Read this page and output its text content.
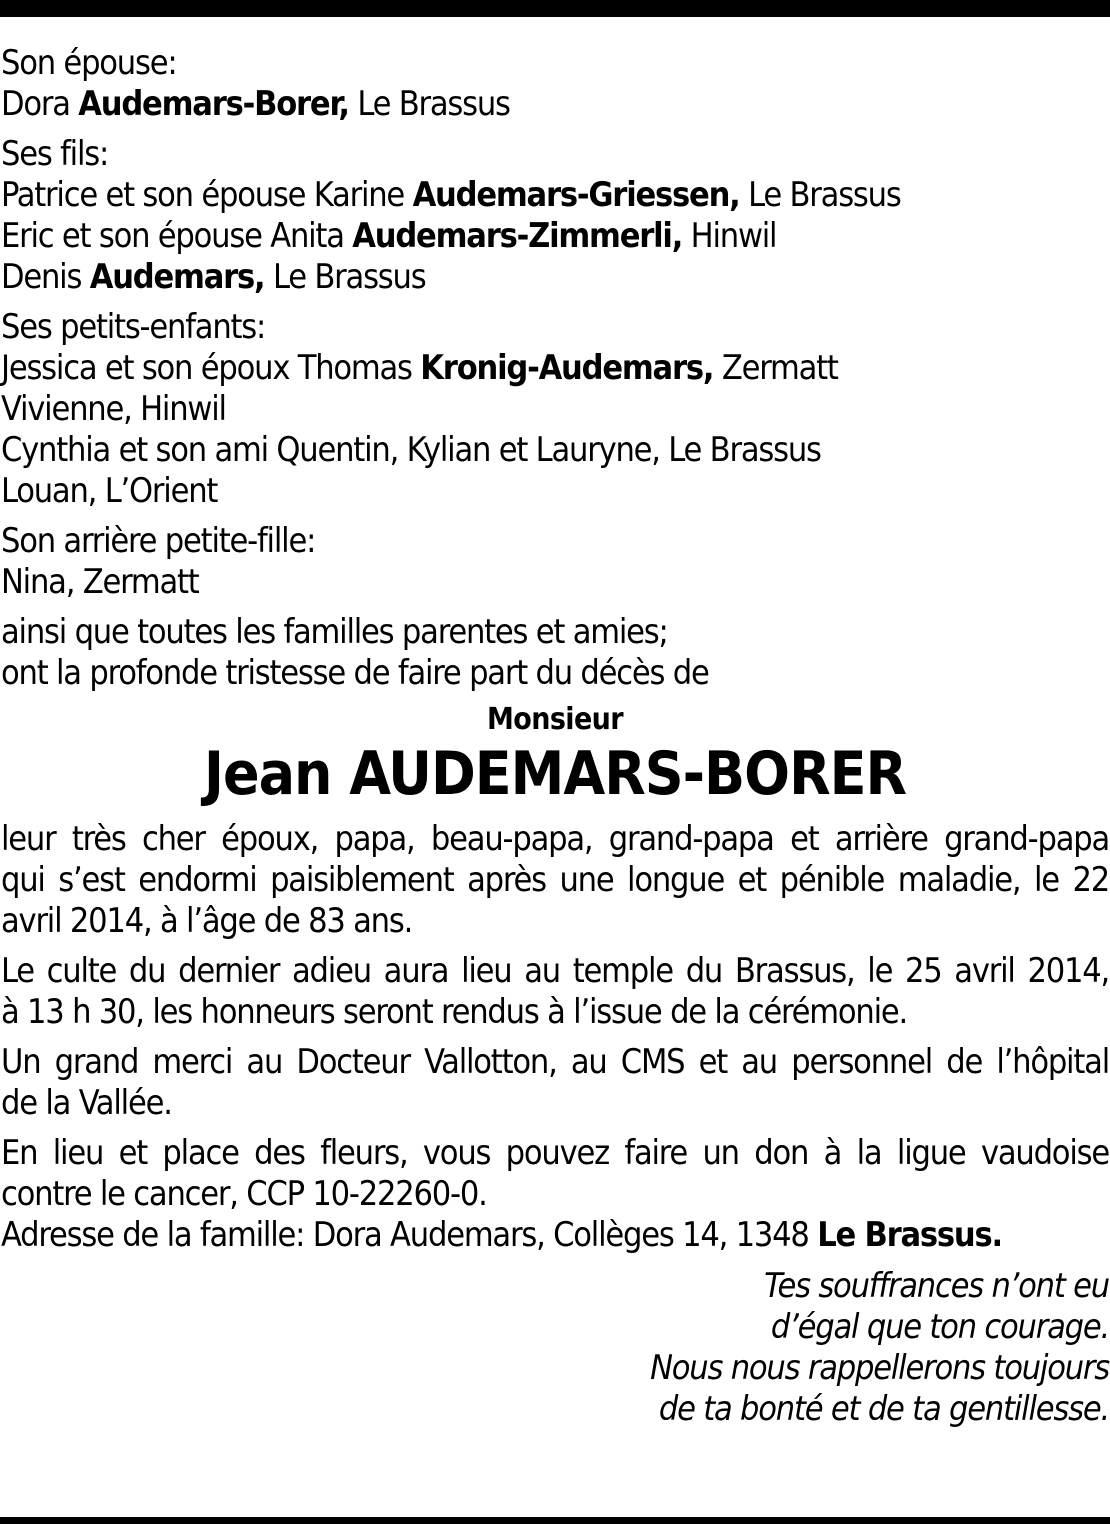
Son épouse:
Dora Audemars-Borer, Le Brassus
Ses fils:
Patrice et son épouse Karine Audemars-Griessen, Le Brassus
Eric et son épouse Anita Audemars-Zimmerli, Hinwil
Denis Audemars, Le Brassus
Ses petits-enfants:
Jessica et son époux Thomas Kronig-Audemars, Zermatt
Vivienne, Hinwil
Cynthia et son ami Quentin, Kylian et Lauryne, Le Brassus
Louan, L’Orient
Son arrière petite-fille:
Nina, Zermatt
ainsi que toutes les familles parentes et amies;
ont la profonde tristesse de faire part du décès de
Monsieur
Jean AUDEMARS-BORER
leur très cher époux, papa, beau-papa, grand-papa et arrière grand-papa
qui s’est endormi paisiblement après une longue et pénible maladie, le 22
avril 2014, à l’âge de 83 ans.
Le culte du dernier adieu aura lieu au temple du Brassus, le 25 avril 2014,
à 13 h 30, les honneurs seront rendus à l’issue de la cérémonie.
Un grand merci au Docteur Vallotton, au CMS et au personnel de l’hôpital
de la Vallée.
En lieu et place des fleurs, vous pouvez faire un don à la ligue vaudoise
contre le cancer, CCP 10-22260-0.
Adresse de la famille: Dora Audemars, Collèges 14, 1348 Le Brassus.
Tes souffrances n’ont eu
d’égal que ton courage.
Nous nous rappellerons toujours
de ta bonté et de ta gentillesse.
